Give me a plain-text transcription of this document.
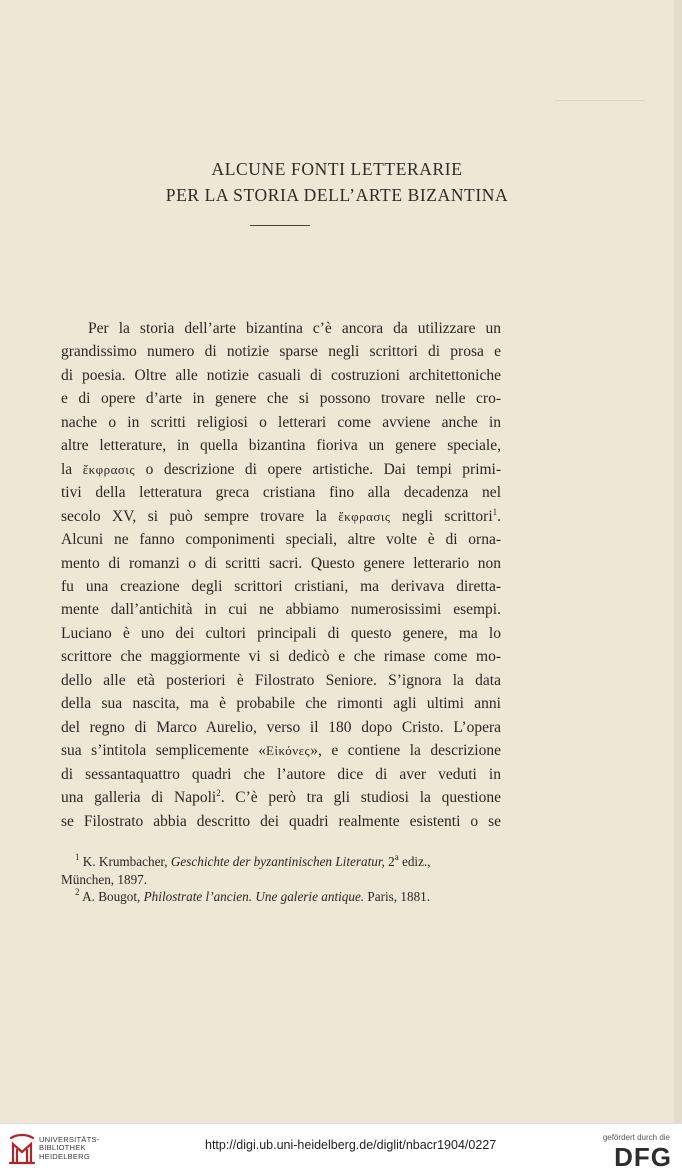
ALCUNE FONTI LETTERARIE
PER LA STORIA DELL’ARTE BIZANTINA
Per la storia dell’arte bizantina c’è ancora da utilizzare un
grandissimo numero di notizie sparse negli scrittori di prosa e
di poesia. Oltre alle notizie casuali di costruzioni architettoniche
e di opere d’arte in genere che si possono trovare nelle cro-
nache o in scritti religiosi o letterari come avviene anche in
altre letterature, in quella bizantina fioriva un genere speciale,
la ἔκφρασις o descrizione di opere artistiche. Dai tempi primi-
tivi della letteratura greca cristiana fino alla decadenza nel
secolo XV, si può sempre trovare la ἔκφρασις negli scrittori$^1$.
Alcuni ne fanno componimenti speciali, altre volte è di orna-
mento di romanzi o di scritti sacri. Questo genere letterario non
fu una creazione degli scrittori cristiani, ma derivava diretta-
mente dall’antichità in cui ne abbiamo numerosissimi esempi.
Luciano è uno dei cultori principali di questo genere, ma lo
scrittore che maggiormente vi si dedicò e che rimase come mo-
dello alle età posteriori è Filostrato Seniore. S’ignora la data
della sua nascita, ma è probabile che rimonti agli ultimi anni
del regno di Marco Aurelio, verso il 180 dopo Cristo. L’opera
sua s’intitola semplicemente «Εἰκόνες», e contiene la descrizione
di sessantaquattro quadri che l’autore dice di aver veduti in
una galleria di Napoli$^2$. C’è però tra gli studiosi la questione
se Filostrato abbia descritto dei quadri realmente esistenti o se
$^1$ K. Krumbacher, Geschichte der byzantinischen Literatur, 2$^a$ ediz.,
München, 1897.
$^2$ A. Bougot, Philostrate l’ancien. Une galerie antique. Paris, 1881.
UNIVERSITÄTS-
BIBLIOTHEK
HEIDELBERG
http://digi.ub.uni-heidelberg.de/diglit/nbacr1904/0227
gefördert durch die
DFG
